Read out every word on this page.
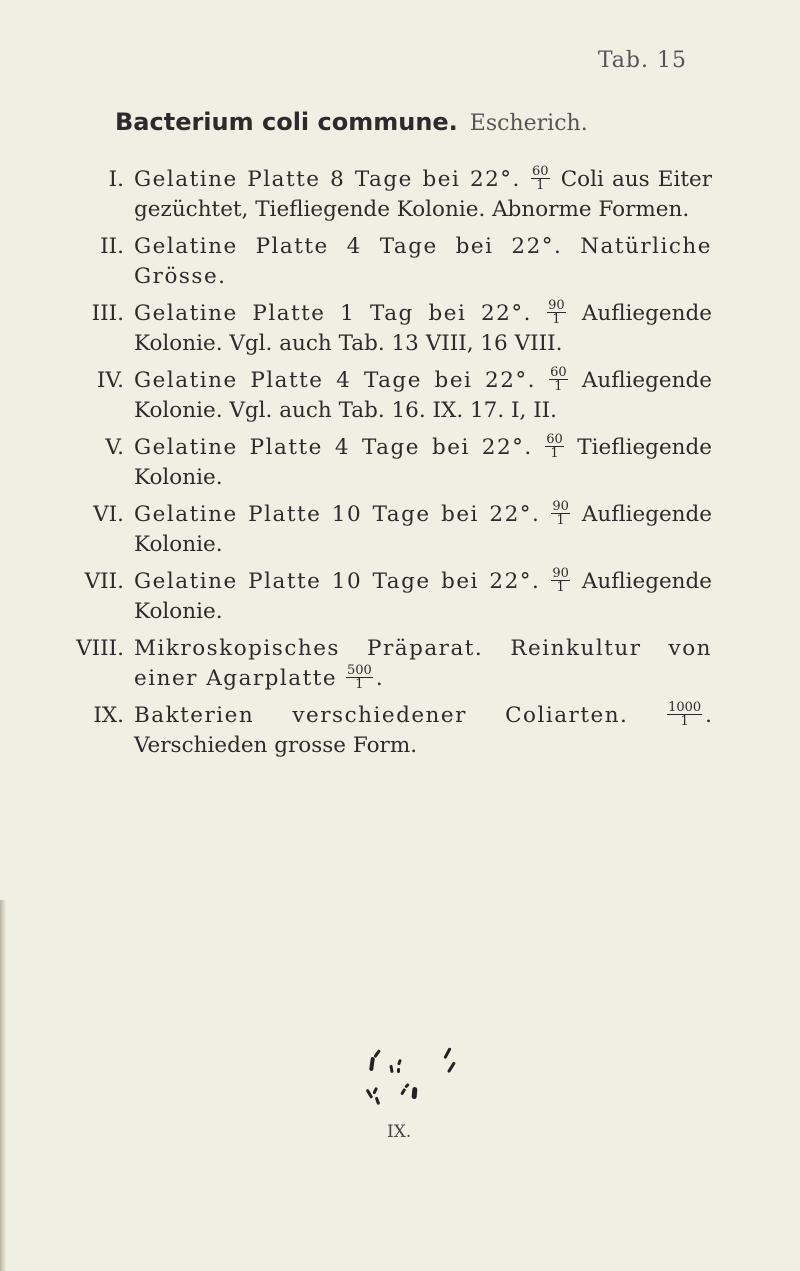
Tab. 15
Bacterium coli commune. Escherich.
I. Gelatine Platte 8 Tage bei 22°. $\frac{60}{1}$ Coli aus Eiter gezüchtet, Tiefliegende Kolonie. Abnorme Formen.
II. Gelatine Platte 4 Tage bei 22°. Natürliche Grösse.
III. Gelatine Platte 1 Tag bei 22°. $\frac{90}{1}$ Aufliegende Kolonie. Vgl. auch Tab. 13 VIII, 16 VIII.
IV. Gelatine Platte 4 Tage bei 22°. $\frac{60}{1}$ Aufliegende Kolonie. Vgl. auch Tab. 16. IX. 17. I, II.
V. Gelatine Platte 4 Tage bei 22°. $\frac{60}{1}$ Tiefliegende Kolonie.
VI. Gelatine Platte 10 Tage bei 22°. $\frac{90}{1}$ Aufliegende Kolonie.
VII. Gelatine Platte 10 Tage bei 22°. $\frac{90}{1}$ Aufliegende Kolonie.
VIII. Mikroskopisches Präparat. Reinkultur von einer Agarplatte $\frac{500}{1}$ .
IX. Bakterien verschiedener Coliarten.	$\frac{1000}{1}$ . Verschieden grosse Form.
IX.
